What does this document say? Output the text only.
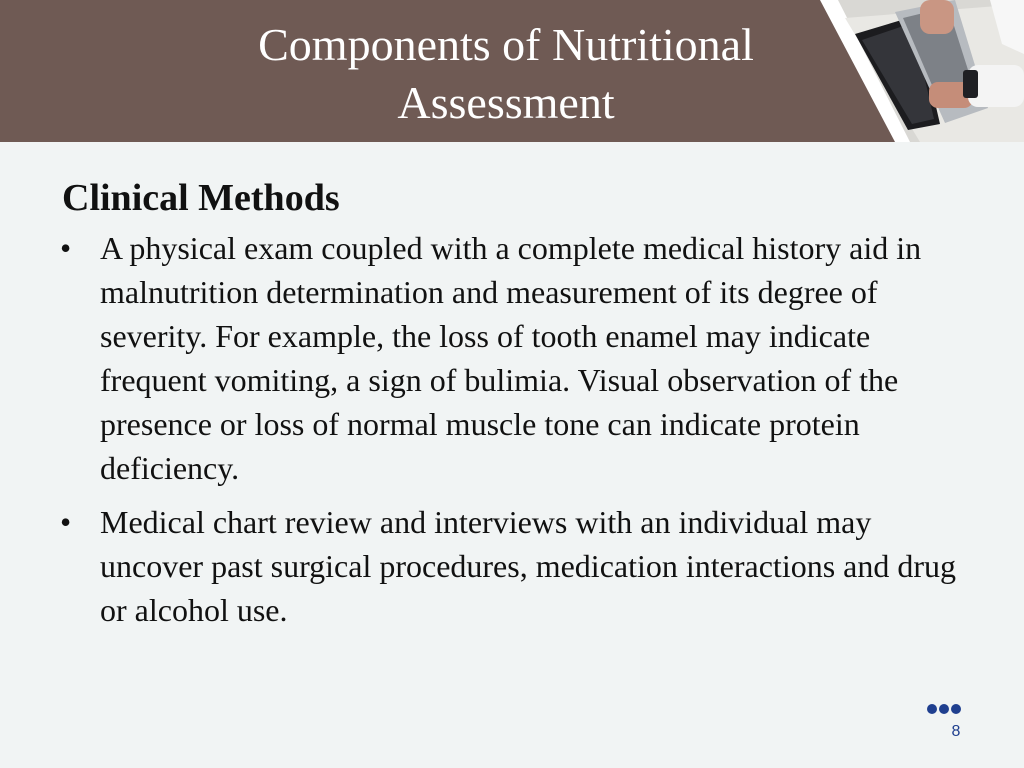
Components of Nutritional
Assessment
Clinical Methods
• A physical exam coupled with a complete medical history aid in malnutrition determination and measurement of its degree of severity. For example, the loss of tooth enamel may indicate frequent vomiting, a sign of bulimia. Visual observation of the presence or loss of normal muscle tone can indicate protein deficiency.
• Medical chart review and interviews with an individual may uncover past surgical procedures, medication interactions and drug or alcohol use.
8
